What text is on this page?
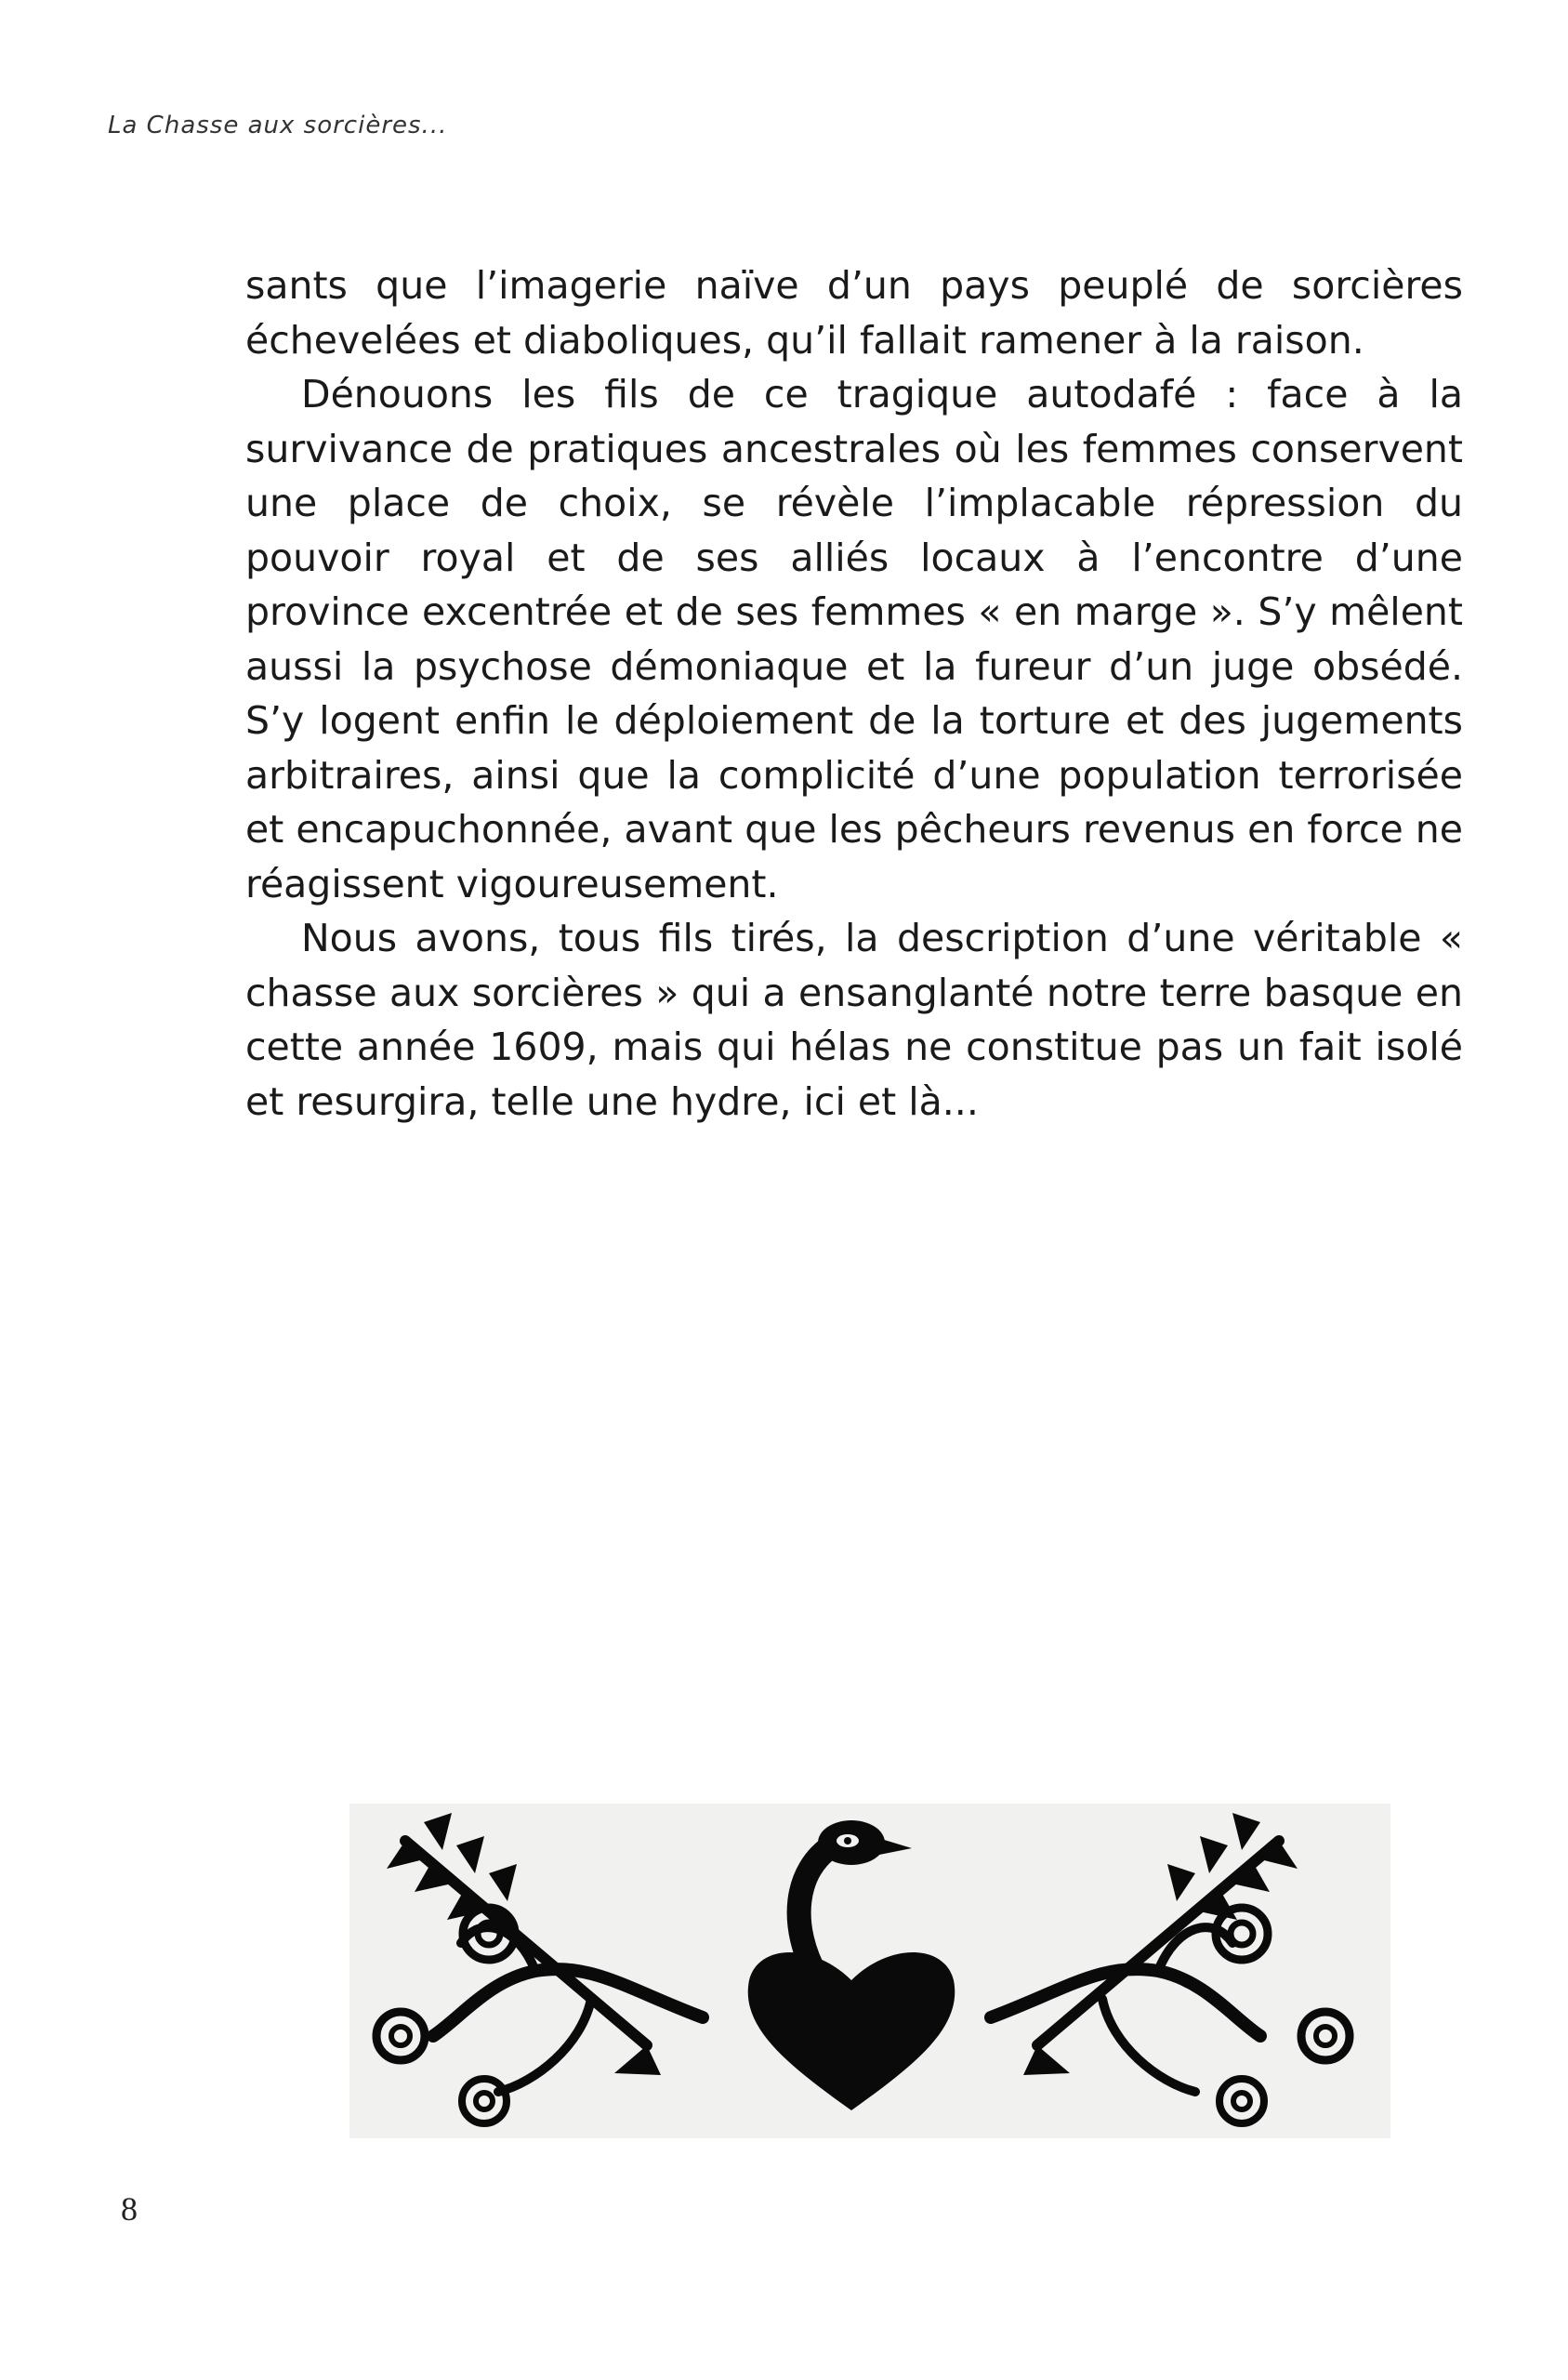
La Chasse aux sorcières...

sants que l’imagerie naïve d’un pays peuplé de sorcières échevelées et diaboliques, qu’il fallait ramener à la raison.

Dénouons les fils de ce tragique autodafé : face à la survivance de pratiques ancestrales où les femmes conservent une place de choix, se révèle l’implacable répression du pouvoir royal et de ses alliés locaux à l’encontre d’une province excentrée et de ses femmes « en marge ». S’y mêlent aussi la psychose démoniaque et la fureur d’un juge obsédé. S’y logent enfin le déploiement de la torture et des jugements arbitraires, ainsi que la complicité d’une population terrorisée et encapuchonnée, avant que les pêcheurs revenus en force ne réagissent vigoureusement.

Nous avons, tous fils tirés, la description d’une véritable « chasse aux sorcières » qui a ensanglanté notre terre basque en cette année 1609, mais qui hélas ne constitue pas un fait isolé et resurgira, telle une hydre, ici et là...

8
